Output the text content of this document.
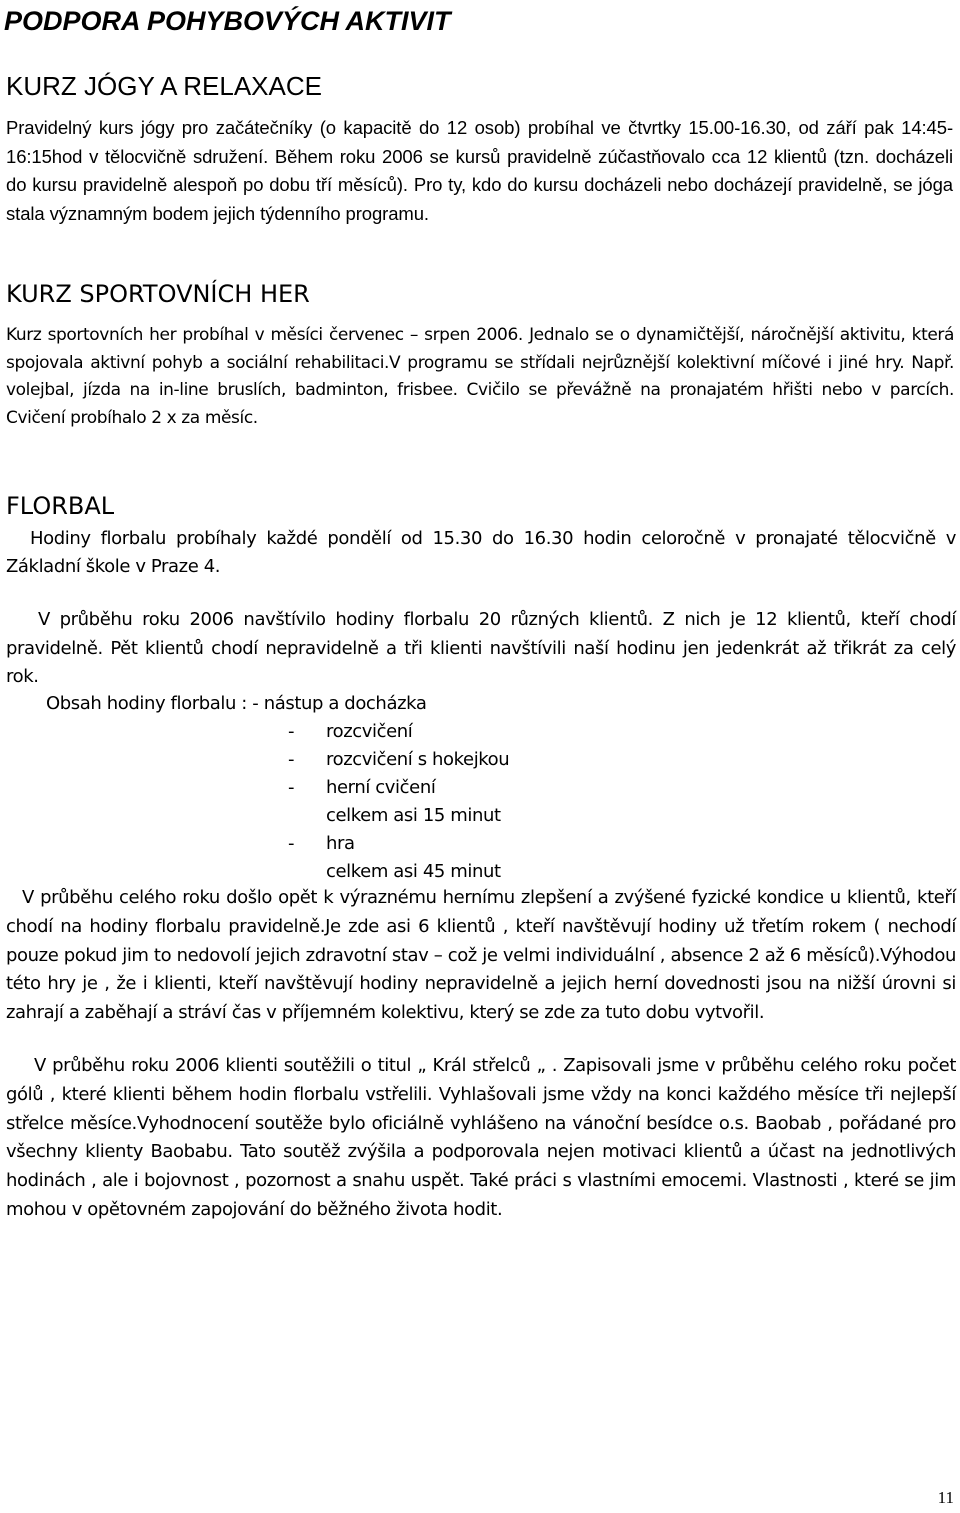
PODPORA POHYBOVÝCH AKTIVIT
KURZ JÓGY A RELAXACE

Pravidelný kurs jógy pro začátečníky (o kapacitě do 12 osob) probíhal ve čtvrtky 15.00-16.30, od září pak 14:45-16:15hod v tělocvičně sdružení. Během roku 2006 se kursů pravidelně zúčastňovalo cca 12 klientů (tzn. docházeli do kursu pravidelně alespoň po dobu tří měsíců). Pro ty, kdo do kursu docházeli nebo docházejí pravidelně, se jóga stala významným bodem jejich týdenního programu.

KURZ SPORTOVNÍCH HER

Kurz sportovních her probíhal v měsíci červenec – srpen 2006. Jednalo se o dynamičtější, náročnější aktivitu, která spojovala aktivní pohyb a sociální rehabilitaci.V programu se střídali nejrůznější kolektivní míčové i jiné hry. Např. volejbal, jízda na in-line bruslích, badminton, frisbee. Cvičilo se převážně na pronajatém hřišti nebo v parcích. Cvičení probíhalo 2 x za měsíc.

FLORBAL

Hodiny florbalu probíhaly každé pondělí od 15.30 do 16.30 hodin celoročně v pronajaté tělocvičně v Základní škole v Praze 4.

V průběhu roku 2006 navštívilo hodiny florbalu 20 různých klientů. Z nich je 12 klientů, kteří chodí pravidelně. Pět klientů chodí nepravidelně a tři klienti navštívili naší hodinu jen jedenkrát až třikrát za celý rok.

Obsah hodiny florbalu : - nástup a docházka

- rozcvičení
- rozcvičení s hokejkou
- herní cvičení
celkem asi 15 minut
- hra
celkem asi 45 minut

V průběhu celého roku došlo opět k výraznému hernímu zlepšení a zvýšené fyzické kondice u klientů, kteří chodí na hodiny florbalu pravidelně.Je zde asi 6 klientů , kteří navštěvují hodiny už třetím rokem ( nechodí pouze pokud jim to nedovolí jejich zdravotní stav – což je velmi individuální , absence 2 až 6 měsíců).Výhodou této hry je , že i klienti, kteří navštěvují hodiny nepravidelně a jejich herní dovednosti jsou na nižší úrovni si zahrají a zaběhají a stráví čas v příjemném kolektivu, který se zde za tuto dobu vytvořil.

V průběhu roku 2006 klienti soutěžili o titul „ Král střelců „ . Zapisovali jsme v průběhu celého roku počet gólů , které klienti během hodin florbalu vstřelili. Vyhlašovali jsme vždy na konci každého měsíce tři nejlepší střelce měsíce.Vyhodnocení soutěže bylo oficiálně vyhlášeno na vánoční besídce o.s. Baobab , pořádané pro všechny klienty Baobabu. Tato soutěž zvýšila a podporovala nejen motivaci klientů a účast na jednotlivých hodinách , ale i bojovnost , pozornost a snahu uspět. Také práci s vlastními emocemi. Vlastnosti , které se jim mohou v opětovném zapojování do běžného života hodit.

11
